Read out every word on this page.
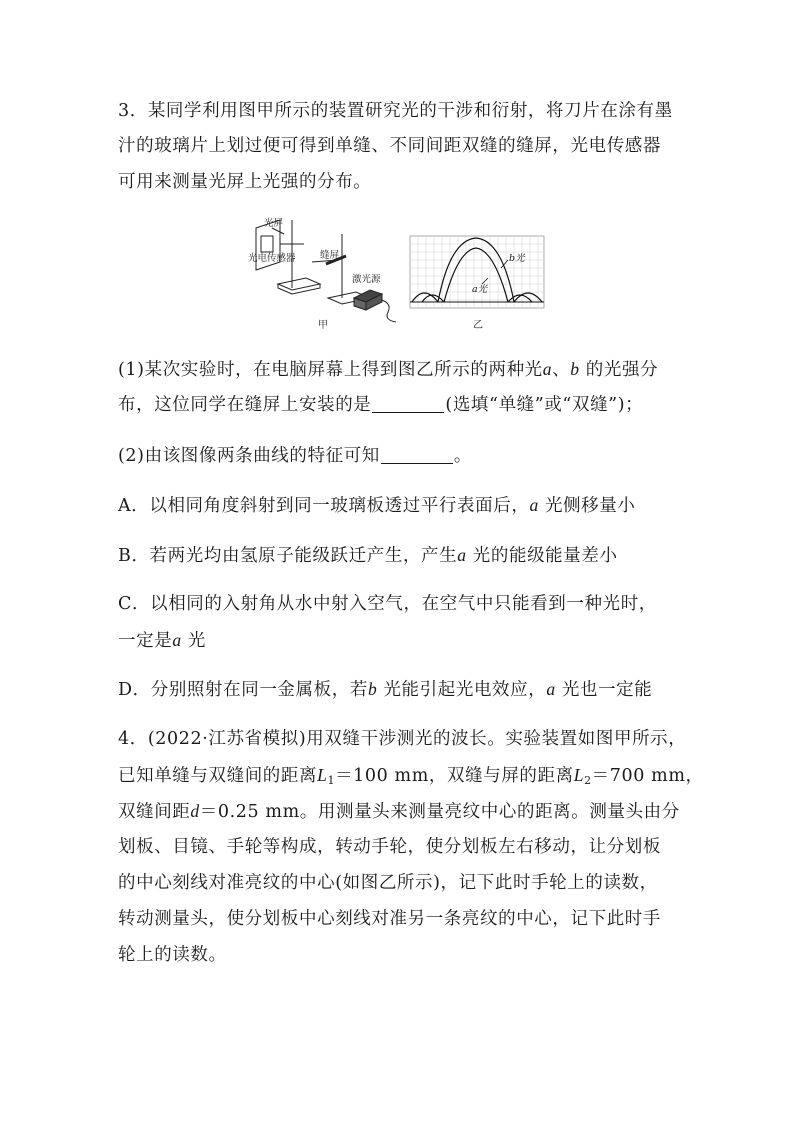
3．某同学利用图甲所示的装置研究光的干涉和衍射，将刀片在涂有墨
汁的玻璃片上划过便可得到单缝、不同间距双缝的缝屏，光电传感器
可用来测量光屏上光强的分布。
光屏
光电传感器	缝屏
激光源
甲
b光
a光
乙
(1)某次实验时，在电脑屏幕上得到图乙所示的两种光a、b 的光强分
布，这位同学在缝屏上安装的是	(选填“单缝”或“双缝”)；
(2)由该图像两条曲线的特征可知	。
A．以相同角度斜射到同一玻璃板透过平行表面后，a 光侧移量小
B．若两光均由氢原子能级跃迁产生，产生a 光的能级能量差小
C．以相同的入射角从水中射入空气，在空气中只能看到一种光时，
一定是a 光
D．分别照射在同一金属板，若b 光能引起光电效应，a 光也一定能
4．(2022·江苏省模拟)用双缝干涉测光的波长。实验装置如图甲所示，
已知单缝与双缝间的距离$L_1=100$ mm，双缝与屏的距离$L_2=700$ mm，
双缝间距d＝0.25 mm。用测量头来测量亮纹中心的距离。测量头由分
划板、目镜、手轮等构成，转动手轮，使分划板左右移动，让分划板
的中心刻线对准亮纹的中心(如图乙所示)，记下此时手轮上的读数，
转动测量头，使分划板中心刻线对准另一条亮纹的中心，记下此时手
轮上的读数。
